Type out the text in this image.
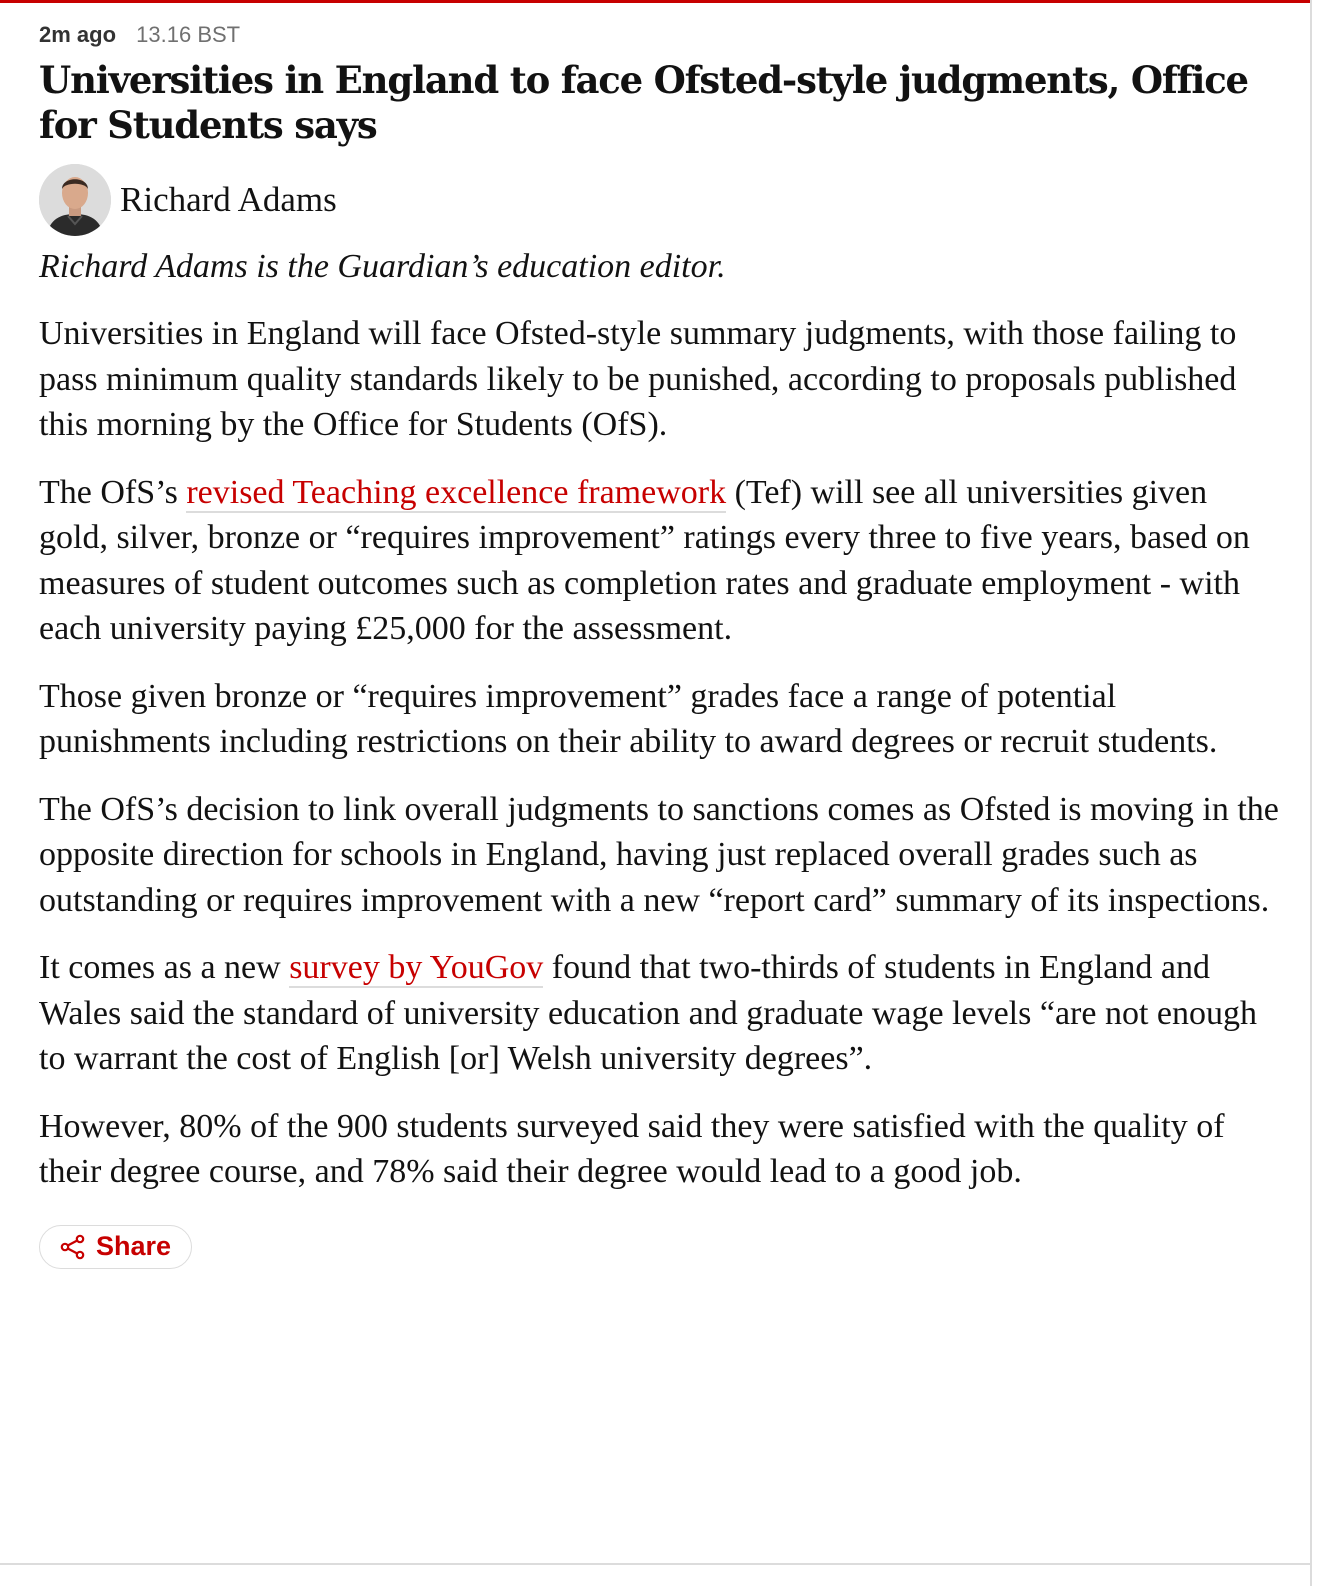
2m ago 13.16 BST

Universities in England to face Ofsted-style judgments, Office for Students says
Richard Adams

Richard Adams is the Guardian’s education editor.

Universities in England will face Ofsted-style summary judgments, with those failing to pass minimum quality standards likely to be punished, according to proposals published this morning by the Office for Students (OfS).

The OfS’s revised Teaching excellence framework (Tef) will see all universities given gold, silver, bronze or “requires improvement” ratings every three to five years, based on measures of student outcomes such as completion rates and graduate employment - with each university paying £25,000 for the assessment.

Those given bronze or “requires improvement” grades face a range of potential punishments including restrictions on their ability to award degrees or recruit students.

The OfS’s decision to link overall judgments to sanctions comes as Ofsted is moving in the opposite direction for schools in England, having just replaced overall grades such as outstanding or requires improvement with a new “report card” summary of its inspections.

It comes as a new survey by YouGov found that two-thirds of students in England and Wales said the standard of university education and graduate wage levels “are not enough to warrant the cost of English [or] Welsh university degrees”.

However, 80% of the 900 students surveyed said they were satisfied with the quality of their degree course, and 78% said their degree would lead to a good job.

Share
